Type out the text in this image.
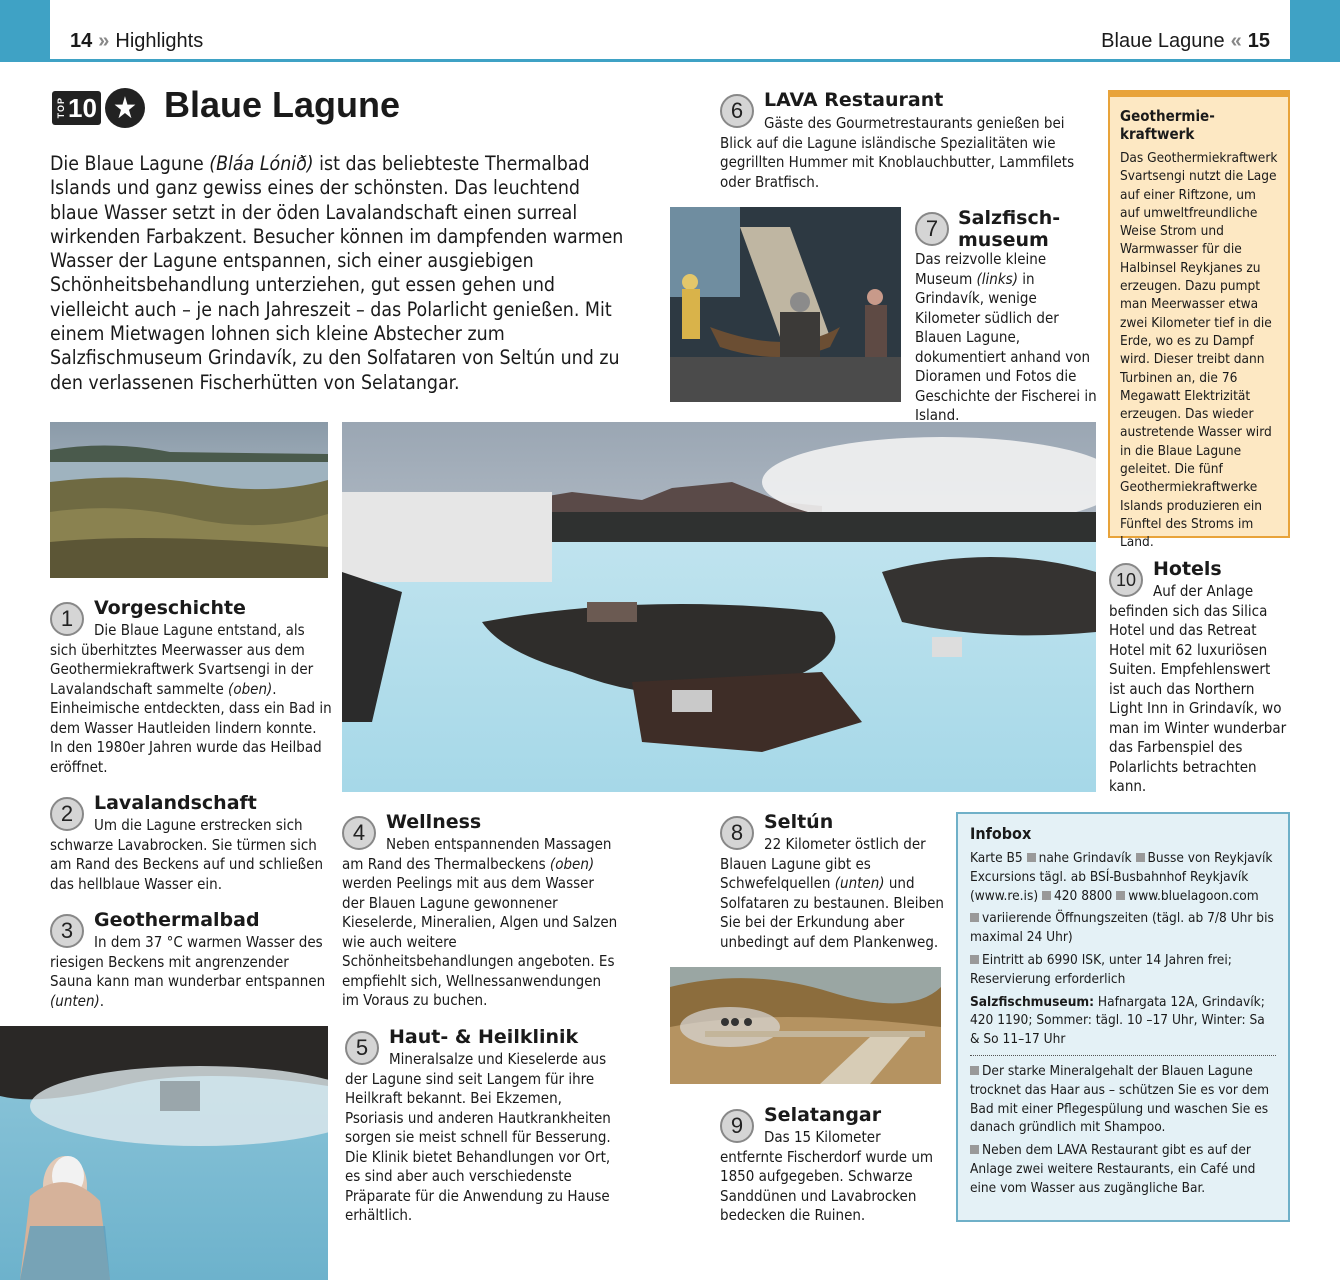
14 » Highlights	Blaue Lagune « 15
TOP 10 ★ Blaue Lagune
Die Blaue Lagune (Bláa Lónið) ist das beliebteste Thermalbad Islands und ganz gewiss eines der schönsten. Das leuchtend blaue Wasser setzt in der öden Lavalandschaft einen surreal wirkenden Farbakzent. Besucher können im dampfenden warmen Wasser der Lagune entspannen, sich einer ausgiebigen Schönheitsbehandlung unterziehen, gut essen gehen und vielleicht auch – je nach Jahreszeit – das Polarlicht genießen. Mit einem Mietwagen lohnen sich kleine Abstecher zum Salzfischmuseum Grindavík, zu den Solfataren von Seltún und zu den verlassenen Fischerhütten von Selatangar.
1	Vorgeschichte
Die Blaue Lagune entstand, als sich überhitztes Meerwasser aus dem Geothermiekraftwerk Svartsengi in der Lavalandschaft sammelte (oben). Einheimische entdeckten, dass ein Bad in dem Wasser Hautleiden lindern konnte. In den 1980er Jahren wurde das Heilbad eröffnet.
2	Lavalandschaft
Um die Lagune erstrecken sich schwarze Lavabrocken. Sie türmen sich am Rand des Beckens auf und schließen das hellblaue Wasser ein.
3	Geothermalbad
In dem 37 °C warmen Wasser des riesigen Beckens mit angrenzender Sauna kann man wunderbar entspannen (unten).
4	Wellness
Neben entspannenden Massagen am Rand des Thermalbeckens (oben) werden Peelings mit aus dem Wasser der Blauen Lagune gewonnener Kieselerde, Mineralien, Algen und Salzen wie auch weitere Schönheitsbehandlungen angeboten. Es empfiehlt sich, Wellnessanwendungen im Voraus zu buchen.
5	Haut- & Heilklinik
Mineralsalze und Kieselerde aus der Lagune sind seit Langem für ihre Heilkraft bekannt. Bei Ekzemen, Psoriasis und anderen Hautkrankheiten sorgen sie meist schnell für Besserung. Die Klinik bietet Behandlungen vor Ort, es sind aber auch verschiedenste Präparate für die Anwendung zu Hause erhältlich.
6	LAVA Restaurant
Gäste des Gourmetrestaurants genießen bei Blick auf die Lagune isländische Spezialitäten wie gegrillten Hummer mit Knoblauchbutter, Lammfilets oder Bratfisch.
7	Salzfisch-museum
Das reizvolle kleine Museum (links) in Grindavík, wenige Kilometer südlich der Blauen Lagune, dokumentiert anhand von Dioramen und Fotos die Geschichte der Fischerei in Island.
8	Seltún
22 Kilometer östlich der Blauen Lagune gibt es Schwefelquellen (unten) und Solfataren zu bestaunen. Bleiben Sie bei der Erkundung aber unbedingt auf dem Plankenweg.
9	Selatangar
Das 15 Kilometer entfernte Fischerdorf wurde um 1850 aufgegeben. Schwarze Sanddünen und Lavabrocken bedecken die Ruinen.
10 Hotels
Auf der Anlage befinden sich das Silica Hotel und das Retreat Hotel mit 62 luxuriösen Suiten. Empfehlenswert ist auch das Northern Light Inn in Grindavík, wo man im Winter wunderbar das Farbenspiel des Polarlichts betrachten kann.
Geothermie-kraftwerk

Das Geothermiekraftwerk Svartsengi nutzt die Lage auf einer Riftzone, um auf umweltfreundliche Weise Strom und Warmwasser für die Halbinsel Reykjanes zu erzeugen. Dazu pumpt man Meerwasser etwa zwei Kilometer tief in die Erde, wo es zu Dampf wird. Dieser treibt dann Turbinen an, die 76 Megawatt Elektrizität erzeugen. Das wieder austretende Wasser wird in die Blaue Lagune geleitet. Die fünf Geothermiekraftwerke Islands produzieren ein Fünftel des Stroms im Land.

Infobox

Karte B5 nahe Grindavík Busse von Reykjavík Excursions tägl. ab BSÍ-Busbahnhof Reykjavík (www.re.is) 420 8800 www.bluelagoon.com

variierende Öffnungszeiten (tägl. ab 7/8 Uhr bis maximal 24 Uhr)

Eintritt ab 6990 ISK, unter 14 Jahren frei; Reservierung erforderlich

Salzfischmuseum: Hafnargata 12A, Grindavík; 420 1190; Sommer: tägl. 10 –17 Uhr, Winter: Sa & So 11–17 Uhr

Der starke Mineralgehalt der Blauen Lagune trocknet das Haar aus – schützen Sie es vor dem Bad mit einer Pflegespülung und waschen Sie es danach gründlich mit Shampoo.

Neben dem LAVA Restaurant gibt es auf der Anlage zwei weitere Restaurants, ein Café und eine vom Wasser aus zugängliche Bar.
